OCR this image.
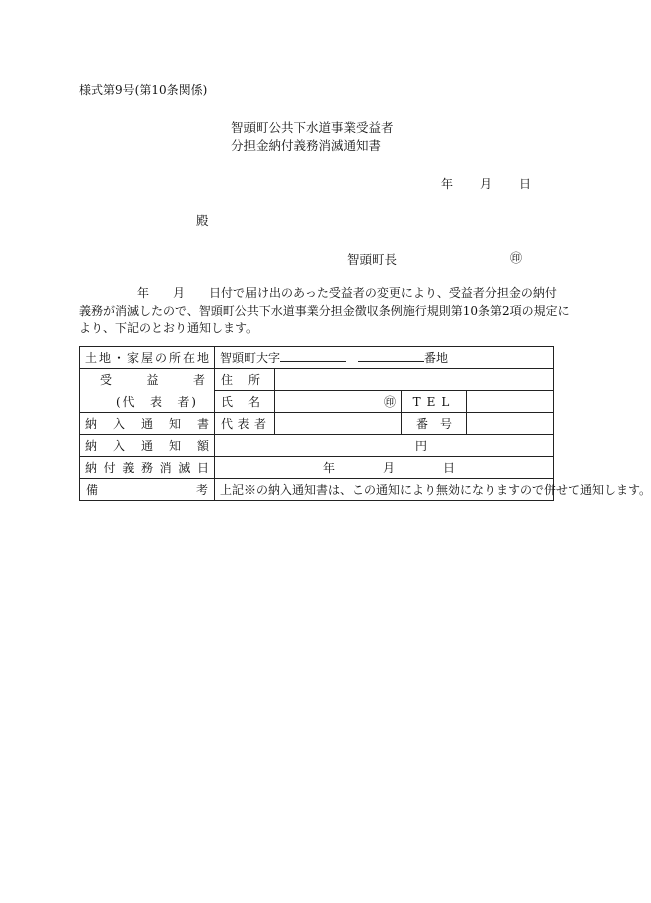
様式第9号(第10条関係)
智頭町公共下水道事業受益者
分担金納付義務消滅通知書
年　　月　　日
殿
智頭町長	㊞
年　　月　　日付で届け出のあった受益者の変更により、受益者分担金の納付
義務が消滅したので、智頭町公共下水道事業分担金徴収条例施行規則第10条第2項の規定に
より、下記のとおり通知します。
土地・家屋の所在地	智頭町大字 番地			
受　益　者	住　所			
(代　表　者)	氏　名	㊞	TEL	
納入通知書	代表者		番　号	
納入通知額	円			
納付義務消滅日	年　　　　月　　　　日			

備 考	上記※の納入通知書は、この通知により無効になりますので併せて通知します。			
